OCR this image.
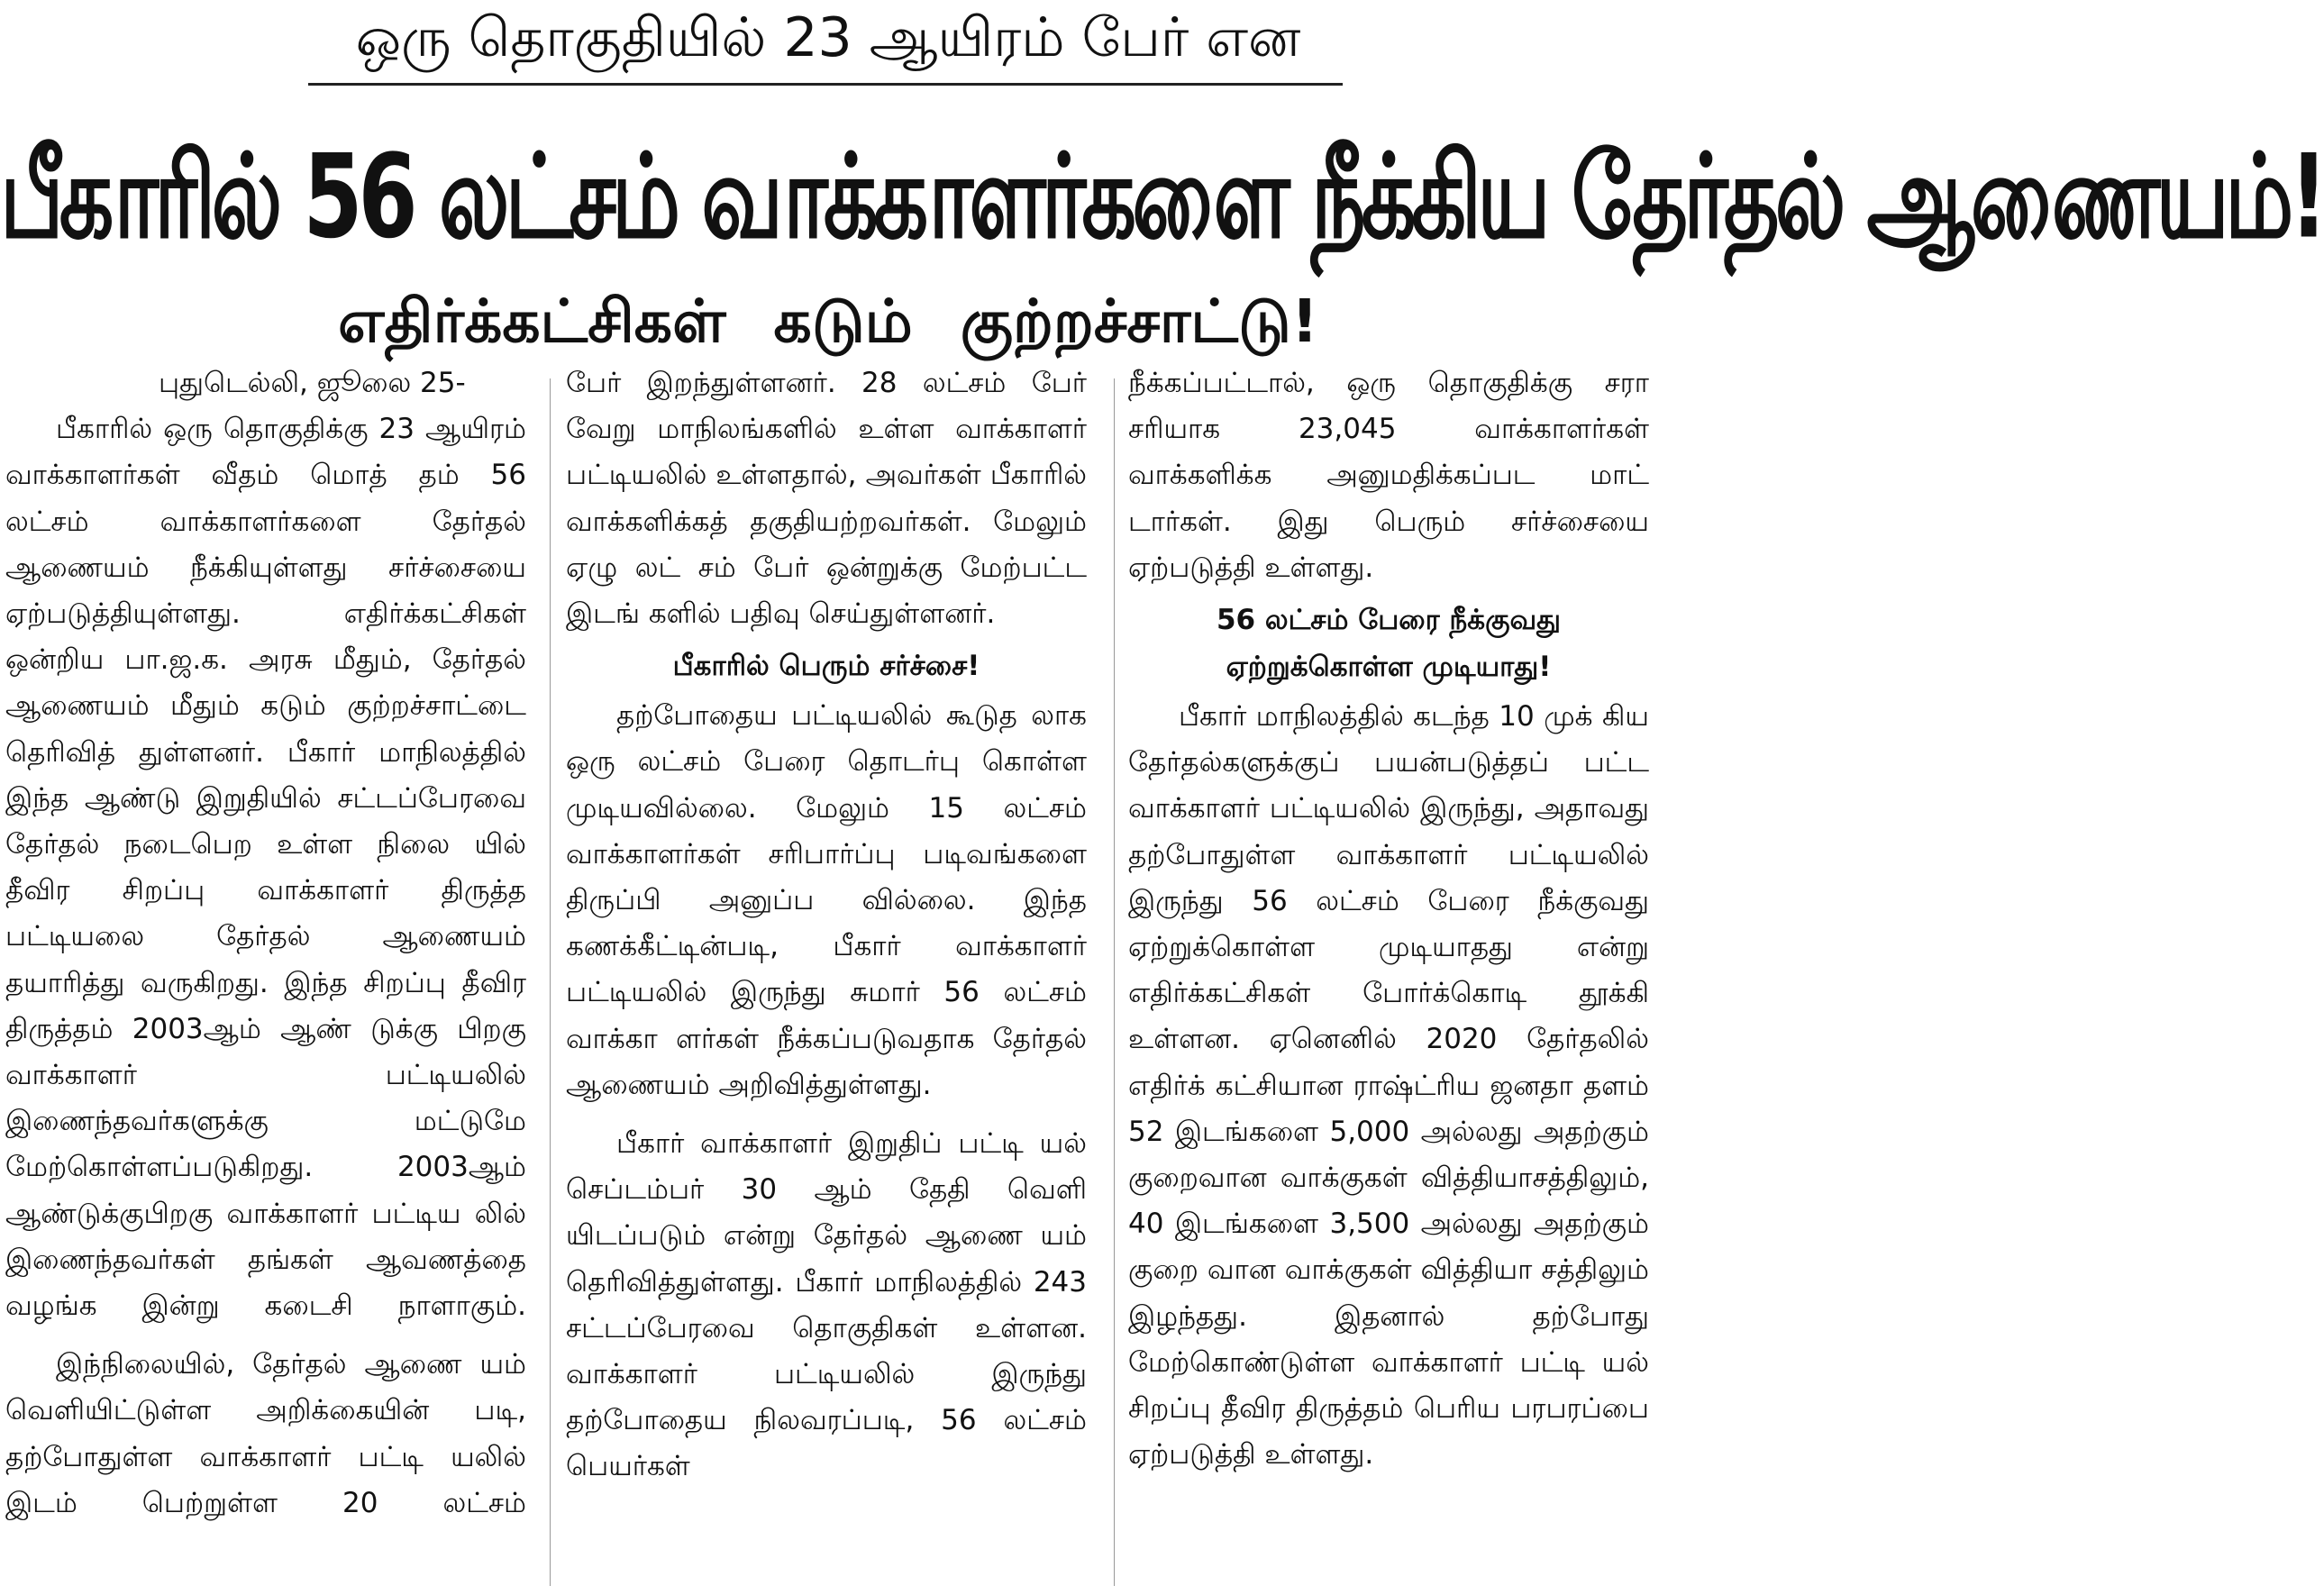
ஒரு தொகுதியில் 23 ஆயிரம் பேர் என
பீகாரில் 56 லட்சம் வாக்காளர்களை நீக்கிய தேர்தல் ஆணையம்!
எதிர்க்கட்சிகள் கடும் குற்றச்சாட்டு!
புதுடெல்லி, ஜூலை 25-

பீகாரில் ஒரு தொகுதிக்கு 23 ஆயிரம் வாக்காளர்கள் வீதம் மொத் தம் 56 லட்சம் வாக்காளர்களை தேர்தல் ஆணையம் நீக்கியுள்ளது சர்ச்சையை ஏற்படுத்தியுள்ளது. எதிர்க்கட்சிகள் ஒன்றிய பா.ஜ.க. அரசு மீதும், தேர்தல் ஆணையம் மீதும் கடும் குற்றச்சாட்டை தெரிவித் துள்ளனர். பீகார் மாநிலத்தில் இந்த ஆண்டு இறுதியில் சட்டப்பேரவை தேர்தல் நடைபெற உள்ள நிலை யில் தீவிர சிறப்பு வாக்காளர் திருத்த பட்டியலை தேர்தல் ஆணையம் தயாரித்து வருகிறது. இந்த சிறப்பு தீவிர திருத்தம் 2003ஆம் ஆண் டுக்கு பிறகு வாக்காளர் பட்டியலில் இணைந்தவர்களுக்கு மட்டுமே மேற்கொள்ளப்படுகிறது. 2003ஆம் ஆண்டுக்குபிறகு வாக்காளர் பட்டிய லில் இணைந்தவர்கள் தங்கள் ஆவணத்தை வழங்க இன்று கடைசி நாளாகும்.

இந்நிலையில், தேர்தல் ஆணை யம் வெளியிட்டுள்ள அறிக்கையின் படி, தற்போதுள்ள வாக்காளர் பட்டி யலில் இடம் பெற்றுள்ள 20 லட்சம்

பேர் இறந்துள்ளனர். 28 லட்சம் பேர் வேறு மாநிலங்களில் உள்ள வாக்காளர் பட்டியலில் உள்ளதால், அவர்கள் பீகாரில் வாக்களிக்கத் தகுதியற்றவர்கள். மேலும் ஏழு லட் சம் பேர் ஒன்றுக்கு மேற்பட்ட இடங் களில் பதிவு செய்துள்ளனர்.

பீகாரில் பெரும் சர்ச்சை!

தற்போதைய பட்டியலில் கூடுத லாக ஒரு லட்சம் பேரை தொடர்பு கொள்ள முடியவில்லை. மேலும் 15 லட்சம் வாக்காளர்கள் சரிபார்ப்பு படிவங்களை திருப்பி அனுப்ப வில்லை. இந்த கணக்கீட்டின்படி, பீகார் வாக்காளர் பட்டியலில் இருந்து சுமார் 56 லட்சம் வாக்கா ளர்கள் நீக்கப்படுவதாக தேர்தல் ஆணையம் அறிவித்துள்ளது.

பீகார் வாக்காளர் இறுதிப் பட்டி யல் செப்டம்பர் 30 ஆம் தேதி வெளி யிடப்படும் என்று தேர்தல் ஆணை யம் தெரிவித்துள்ளது. பீகார் மாநிலத்தில் 243 சட்டப்பேரவை தொகுதிகள் உள்ளன. வாக்காளர் பட்டியலில் இருந்து தற்போதைய நிலவரப்படி, 56 லட்சம் பெயர்கள்

நீக்கப்பட்டால், ஒரு தொகுதிக்கு சரா சரியாக 23,045 வாக்காளர்கள் வாக்களிக்க அனுமதிக்கப்பட மாட் டார்கள். இது பெரும் சர்ச்சையை ஏற்படுத்தி உள்ளது.

56 லட்சம் பேரை நீக்குவது
ஏற்றுக்கொள்ள முடியாது!

பீகார் மாநிலத்தில் கடந்த 10 முக் கிய தேர்தல்களுக்குப் பயன்படுத்தப் பட்ட வாக்காளர் பட்டியலில் இருந்து, அதாவது தற்போதுள்ள வாக்காளர் பட்டியலில் இருந்து 56 லட்சம் பேரை நீக்குவது ஏற்றுக்கொள்ள முடியாதது என்று எதிர்க்கட்சிகள் போர்க்கொடி தூக்கி உள்ளன. ஏனெனில் 2020 தேர்தலில் எதிர்க் கட்சியான ராஷ்ட்ரிய ஜனதா தளம் 52 இடங்களை 5,000 அல்லது அதற்கும் குறைவான வாக்குகள் வித்தியாசத்திலும், 40 இடங்களை 3,500 அல்லது அதற்கும் குறை வான வாக்குகள் வித்தியா சத்திலும் இழந்தது. இதனால் தற்போது மேற்கொண்டுள்ள வாக்காளர் பட்டி யல் சிறப்பு தீவிர திருத்தம் பெரிய பரபரப்பை ஏற்படுத்தி உள்ளது.
